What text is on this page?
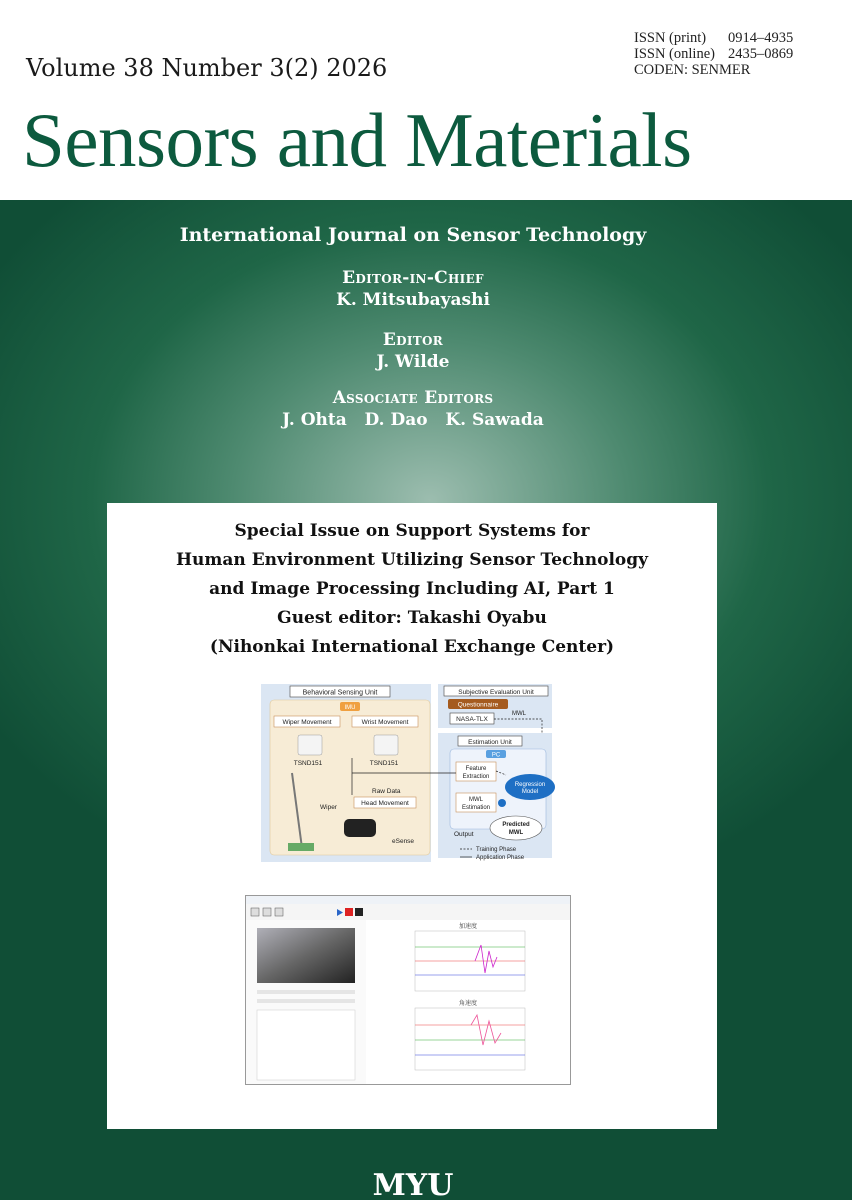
Volume 38 Number 3(2) 2026
ISSN (print) 0914–4935
ISSN (online) 2435–0869
CODEN: SENMER
Sensors and Materials
International Journal on Sensor Technology
Editor-in-Chief
K. Mitsubayashi
Editor
J. Wilde
Associate Editors
J. Ohta   D. Dao   K. Sawada
Special Issue on Support Systems for
Human Environment Utilizing Sensor Technology
and Image Processing Including AI, Part 1
Guest editor: Takashi Oyabu
(Nihonkai International Exchange Center)
Behavioral Sensing Unit
IMU
Wiper Movement	Wrist Movement
TSND151	TSND151
Wiper
Raw Data
Head Movement
eSense
Subjective Evaluation Unit
Questionnaire
NASA-TLX
MWL
Estimation Unit
PC
Feature
Extraction
MWL
Estimation
Regression
Model
Output
Predicted
MWL
Training Phase
Application Phase
加速度
角速度
MYU
